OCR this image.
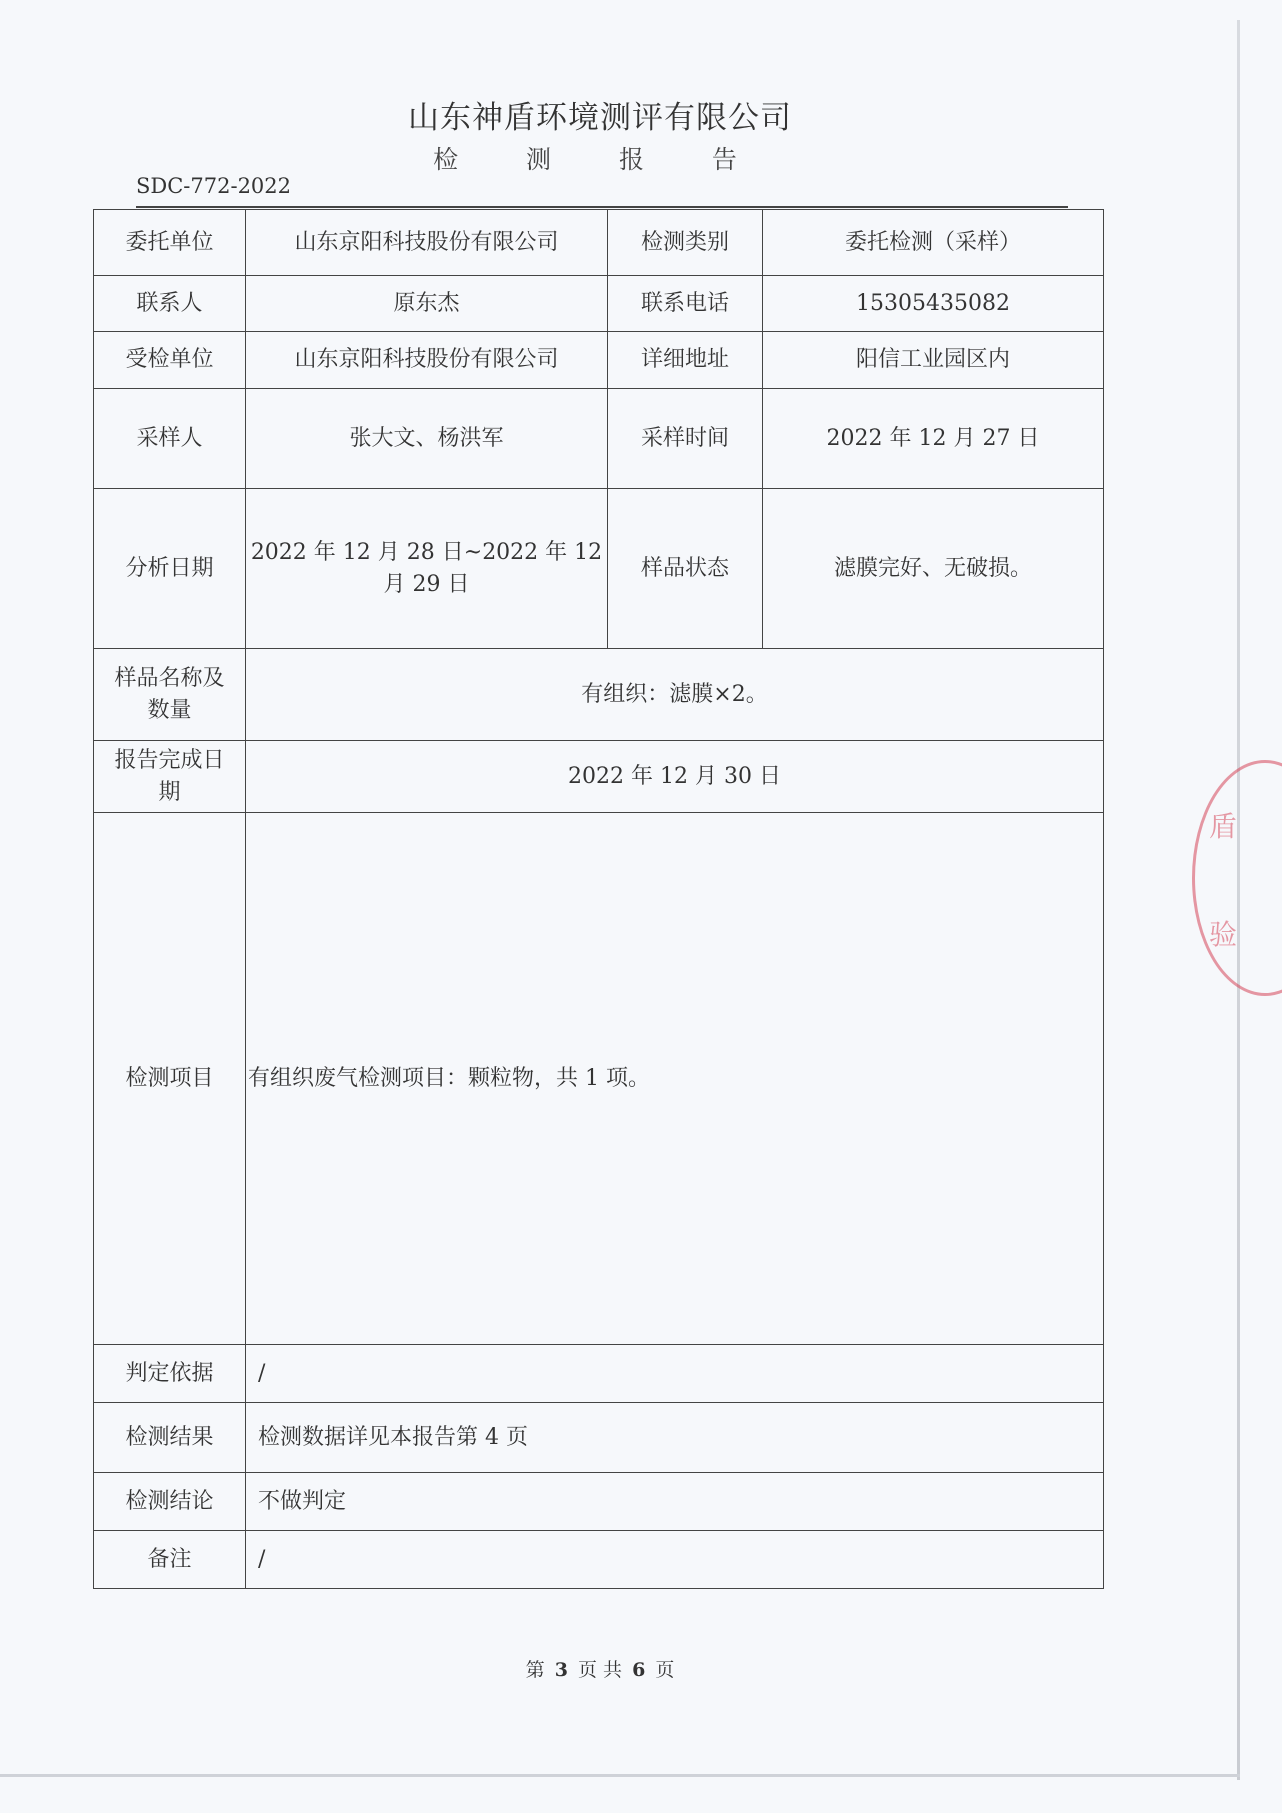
山东神盾环境测评有限公司
检 测 报 告
SDC-772-2022
委托单位	山东京阳科技股份有限公司	检测类别	委托检测（采样）
联系人	原东杰	联系电话	15305435082
受检单位	山东京阳科技股份有限公司	详细地址	阳信工业园区内
采样人	张大文、杨洪军	采样时间	2022 年 12 月 27 日
分析日期	2022 年 12 月 28 日~2022 年 12 月 29 日	样品状态	滤膜完好、无破损。
样品名称及数量	有组织：滤膜×2。		
报告完成日期	2022 年 12 月 30 日		
检测项目	有组织废气检测项目：颗粒物，共 1 项。		
判定依据	/		
检测结果	检测数据详见本报告第 4 页		
检测结论	不做判定		
备注	/		
第 3 页 共 6 页
盾
验
